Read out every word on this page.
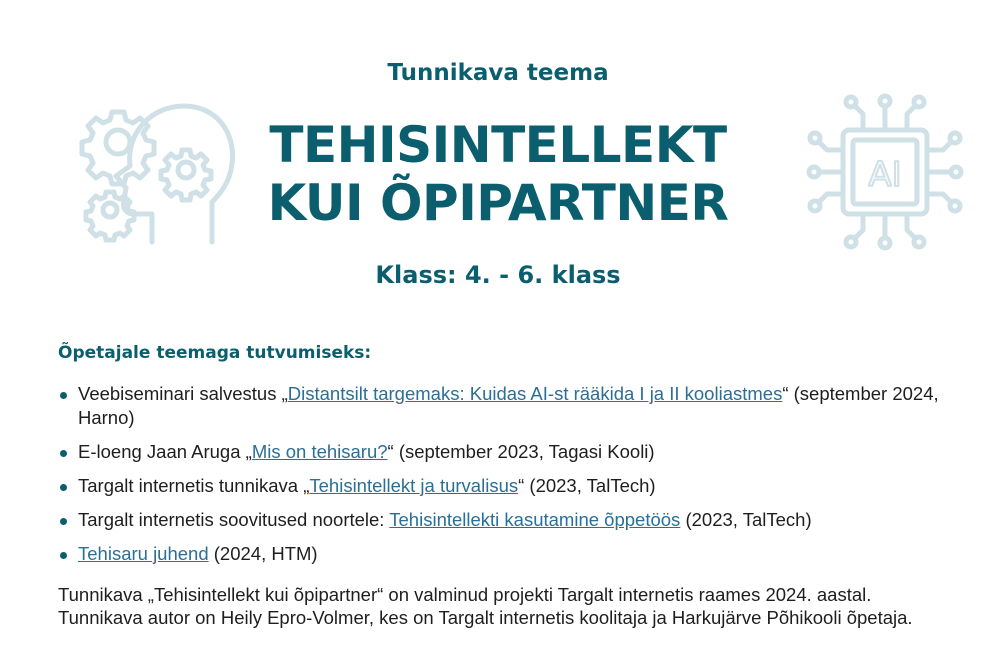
AI
Tunnikava teema
TEHISINTELLEKT
KUI ÕPIPARTNER
Klass: 4. - 6. klass
Õpetajale teemaga tutvumiseks:
Veebiseminari salvestus „Distantsilt targemaks: Kuidas AI-st rääkida I ja II kooliastmes“ (september 2024, Harno)
E-loeng Jaan Aruga „Mis on tehisaru?“ (september 2023, Tagasi Kooli)
Targalt internetis tunnikava „Tehisintellekt ja turvalisus“ (2023, TalTech)
Targalt internetis soovitused noortele: Tehisintellekti kasutamine õppetöös (2023, TalTech)
Tehisaru juhend (2024, HTM)
Tunnikava „Tehisintellekt kui õpipartner“ on valminud projekti Targalt internetis raames 2024. aastal. Tunnikava autor on Heily Epro-Volmer, kes on Targalt internetis koolitaja ja Harkujärve Põhikooli õpetaja.
